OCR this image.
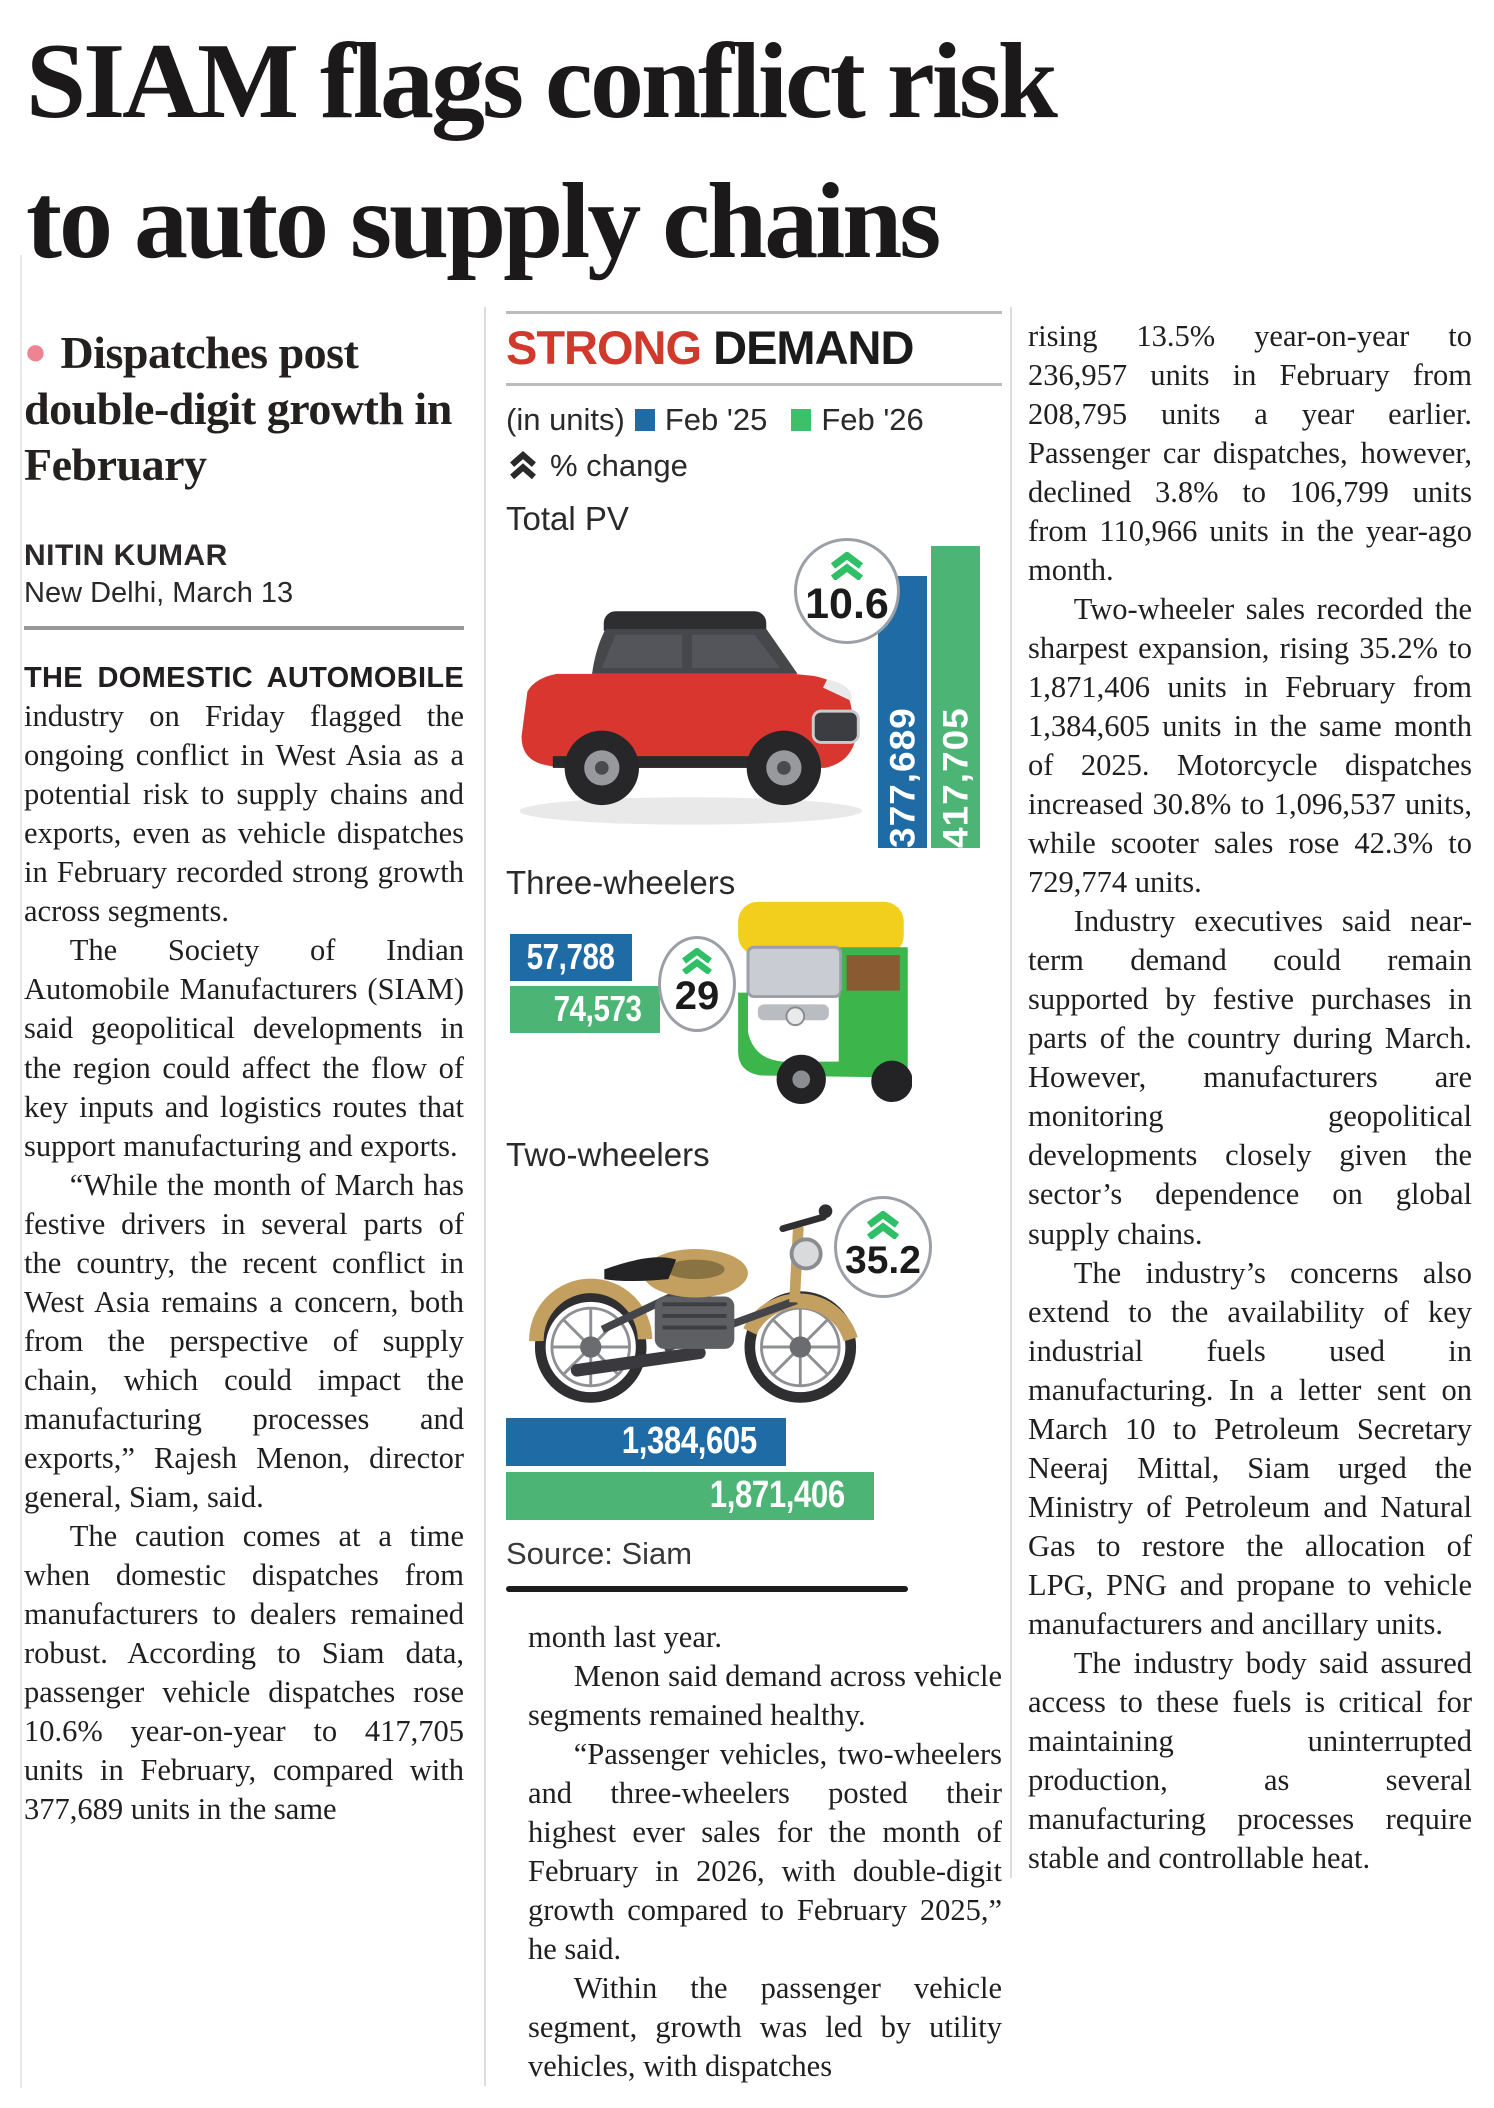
SIAM flags conflict risk
to auto supply chains
● Dispatches post double-digit growth in February
NITIN KUMAR
New Delhi, March 13

THE DOMESTIC AUTOMOBILE industry on Friday flagged the ongoing conflict in West Asia as a potential risk to supply chains and exports, even as vehicle dispatches in February recorded strong growth across segments.

The Society of Indian Automobile Manufacturers (SIAM) said geopolitical developments in the region could affect the flow of key inputs and logistics routes that support manufacturing and exports.

“While the month of March has festive drivers in several parts of the country, the recent conflict in West Asia remains a concern, both from the perspective of supply chain, which could impact the manufacturing processes and exports,” Rajesh Menon, director general, Siam, said.

The caution comes at a time when domestic dispatches from manufacturers to dealers remained robust. According to Siam data, passenger vehicle dispatches rose 10.6% year-on-year to 417,705 units in February, compared with 377,689 units in the same

STRONG DEMAND
(in units) Feb '25 Feb '26
% change
Total PV
10.6
377,689 417,705
Three-wheelers
57,788
74,573 29
Two-wheelers
35.2
1,384,605
1,871,406
Source: Siam

month last year.

Menon said demand across vehicle segments remained healthy.

“Passenger vehicles, two-wheelers and three-wheelers posted their highest ever sales for the month of February in 2026, with double-digit growth compared to February 2025,” he said.

Within the passenger vehicle segment, growth was led by utility vehicles, with dispatches

rising 13.5% year-on-year to 236,957 units in February from 208,795 units a year earlier. Passenger car dispatches, however, declined 3.8% to 106,799 units from 110,966 units in the year-ago month.

Two-wheeler sales recorded the sharpest expansion, rising 35.2% to 1,871,406 units in February from 1,384,605 units in the same month of 2025. Motorcycle dispatches increased 30.8% to 1,096,537 units, while scooter sales rose 42.3% to 729,774 units.

Industry executives said near-term demand could remain supported by festive purchases in parts of the country during March. However, manufacturers are monitoring geopolitical developments closely given the sector’s dependence on global supply chains.

The industry’s concerns also extend to the availability of key industrial fuels used in manufacturing. In a letter sent on March 10 to Petroleum Secretary Neeraj Mittal, Siam urged the Ministry of Petroleum and Natural Gas to restore the allocation of LPG, PNG and propane to vehicle manufacturers and ancillary units.

The industry body said assured access to these fuels is critical for maintaining uninterrupted production, as several manufacturing processes require stable and controllable heat.
